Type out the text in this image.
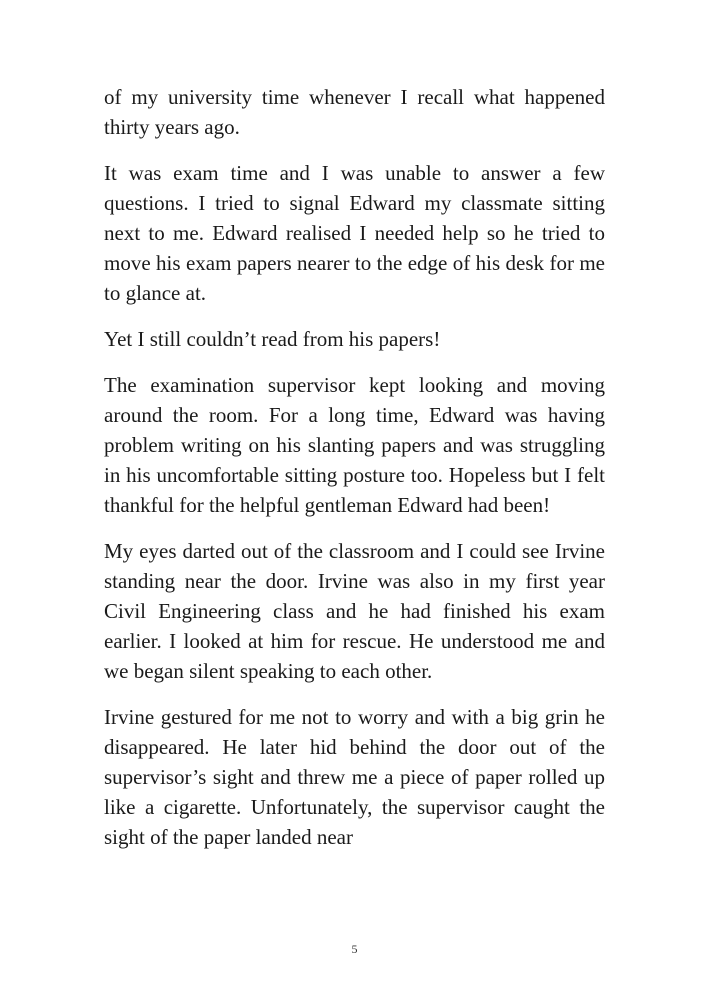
of my university time whenever I recall what happened thirty years ago.

It was exam time and I was unable to answer a few questions. I tried to signal Edward my classmate sitting next to me. Edward realised I needed help so he tried to move his exam papers nearer to the edge of his desk for me to glance at.

Yet I still couldn’t read from his papers!

The examination supervisor kept looking and moving around the room. For a long time, Edward was having problem writing on his slanting papers and was struggling in his uncomfortable sitting posture too. Hopeless but I felt thankful for the helpful gentleman Edward had been!

My eyes darted out of the classroom and I could see Irvine standing near the door. Irvine was also in my first year Civil Engineering class and he had finished his exam earlier. I looked at him for rescue. He understood me and we began silent speaking to each other.

Irvine gestured for me not to worry and with a big grin he disappeared. He later hid behind the door out of the supervisor’s sight and threw me a piece of paper rolled up like a cigarette. Unfortunately, the supervisor caught the sight of the paper landed near

5
